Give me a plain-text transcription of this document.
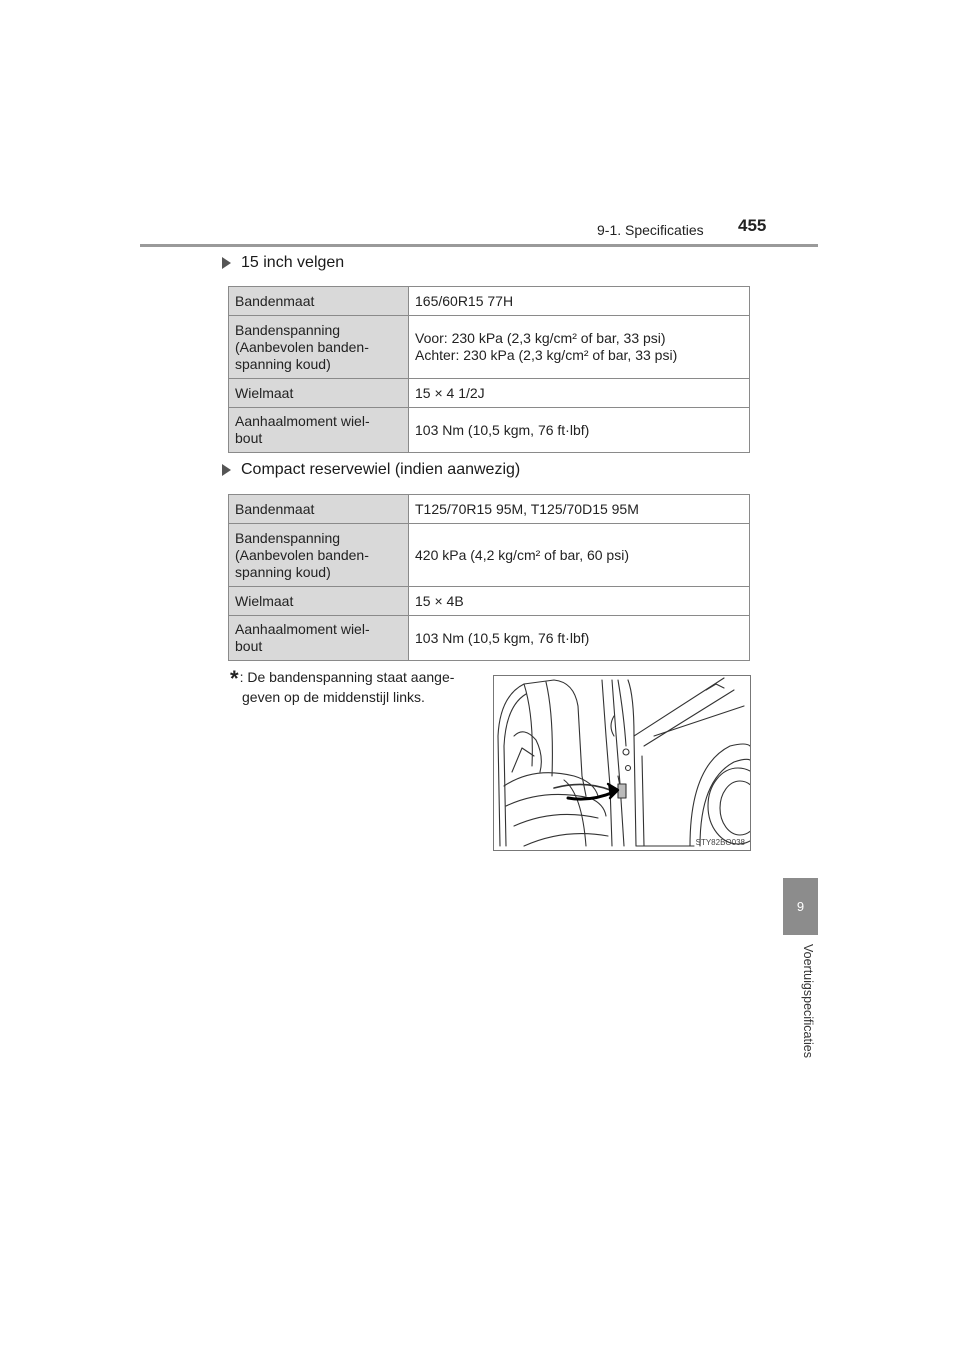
9-1. Specificaties 455
9
Voertuigspecificaties
15 inch velgen
Bandenmaat	165/60R15 77H
Bandenspanning
(Aanbevolen banden-
spanning koud)	Voor: 230 kPa (2,3 kg/cm² of bar, 33 psi)
Achter: 230 kPa (2,3 kg/cm² of bar, 33 psi)
Wielmaat	15 × 4 1/2J
Aanhaalmoment wiel-
bout	103 Nm (10,5 kgm, 76 ft·lbf)
Compact reservewiel (indien aanwezig)
Bandenmaat	T125/70R15 95M, T125/70D15 95M
Bandenspanning
(Aanbevolen banden-
spanning koud)	420 kPa (4,2 kg/cm² of bar, 60 psi)
Wielmaat	15 × 4B
Aanhaalmoment wiel-
bout	103 Nm (10,5 kgm, 76 ft·lbf)
*: De bandenspanning staat aange-
geven op de middenstijl links.
STY82BO038
